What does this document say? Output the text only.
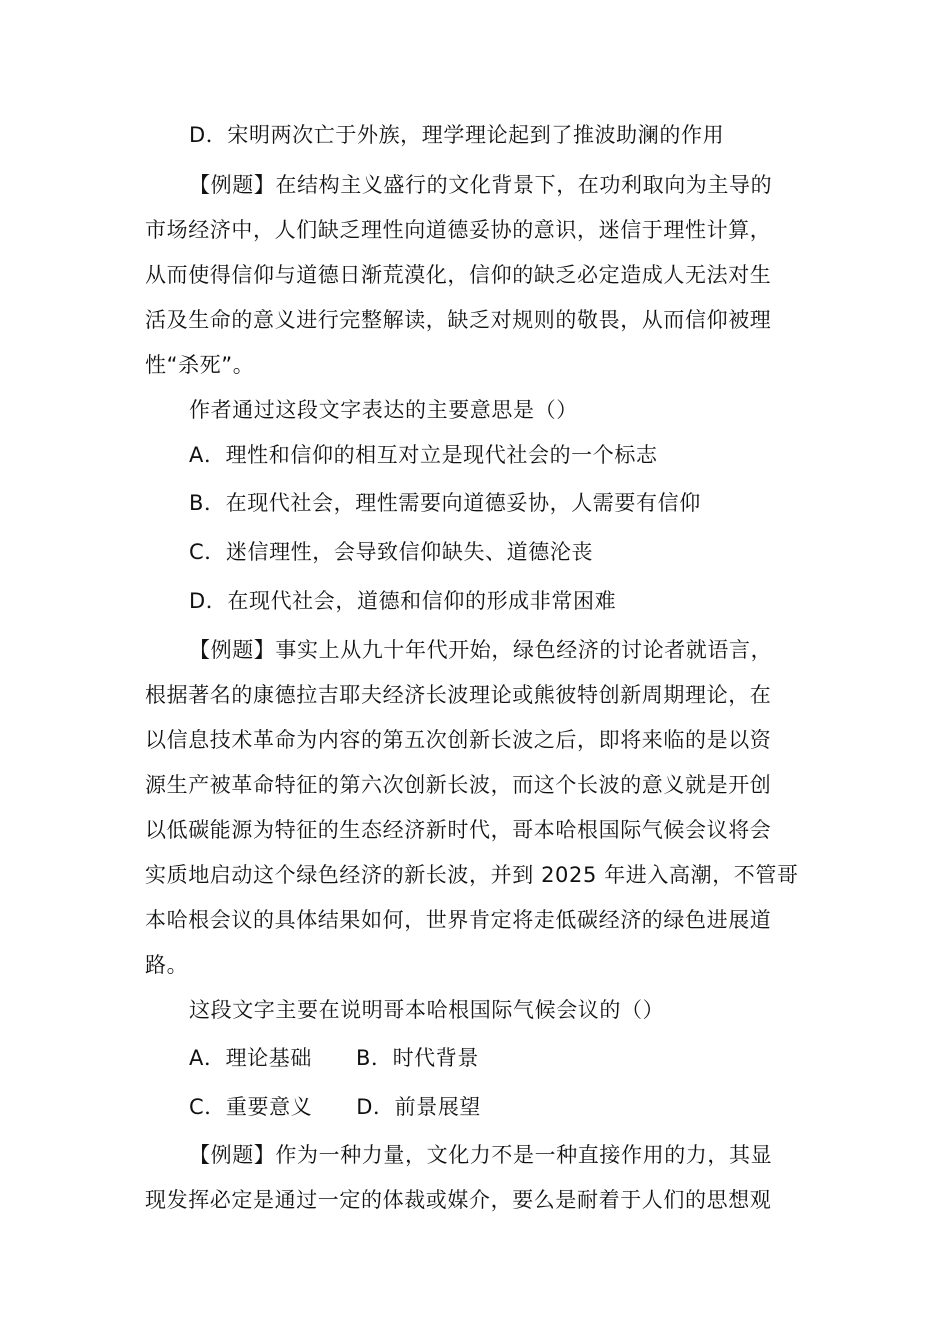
D．宋明两次亡于外族，理学理论起到了推波助澜的作用
【例题】在结构主义盛行的文化背景下，在功利取向为主导的
市场经济中，人们缺乏理性向道德妥协的意识，迷信于理性计算，
从而使得信仰与道德日渐荒漠化，信仰的缺乏必定造成人无法对生
活及生命的意义进行完整解读，缺乏对规则的敬畏，从而信仰被理
性“杀死”。
作者通过这段文字表达的主要意思是（）
A．理性和信仰的相互对立是现代社会的一个标志
B．在现代社会，理性需要向道德妥协，人需要有信仰
C．迷信理性，会导致信仰缺失、道德沦丧
D．在现代社会，道德和信仰的形成非常困难
【例题】事实上从九十年代开始，绿色经济的讨论者就语言，
根据著名的康德拉吉耶夫经济长波理论或熊彼特创新周期理论，在
以信息技术革命为内容的第五次创新长波之后，即将来临的是以资
源生产被革命特征的第六次创新长波，而这个长波的意义就是开创
以低碳能源为特征的生态经济新时代，哥本哈根国际气候会议将会
实质地启动这个绿色经济的新长波，并到 2025 年进入高潮，不管哥
本哈根会议的具体结果如何，世界肯定将走低碳经济的绿色进展道
路。
这段文字主要在说明哥本哈根国际气候会议的（）
A．理论基础 B．时代背景
C．重要意义 D．前景展望
【例题】作为一种力量，文化力不是一种直接作用的力，其显
现发挥必定是通过一定的体裁或媒介，要么是耐着于人们的思想观
